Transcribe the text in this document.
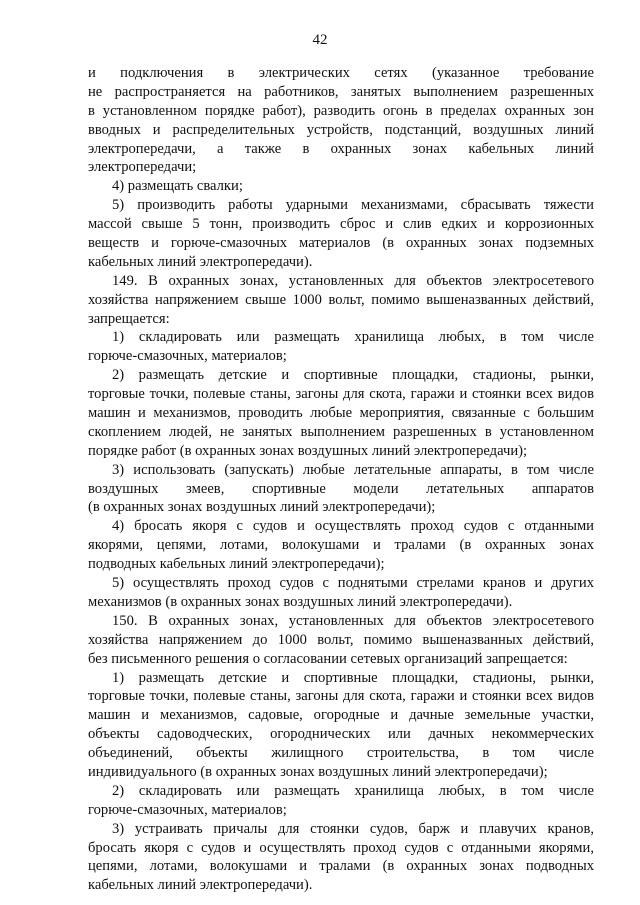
42
и подключения в электрических сетях (указанное требование
не распространяется на работников, занятых выполнением разрешенных
в установленном порядке работ), разводить огонь в пределах охранных зон
вводных и распределительных устройств, подстанций, воздушных линий
электропередачи, а также в охранных зонах кабельных линий
электропередачи;
4) размещать свалки;
5) производить работы ударными механизмами, сбрасывать тяжести
массой свыше 5 тонн, производить сброс и слив едких и коррозионных
веществ и горюче-смазочных материалов (в охранных зонах подземных
кабельных линий электропередачи).
149. В охранных зонах, установленных для объектов электросетевого
хозяйства напряжением свыше 1000 вольт, помимо вышеназванных действий,
запрещается:
1) складировать или размещать хранилища любых, в том числе
горюче-смазочных, материалов;
2) размещать детские и спортивные площадки, стадионы, рынки,
торговые точки, полевые станы, загоны для скота, гаражи и стоянки всех видов
машин и механизмов, проводить любые мероприятия, связанные с большим
скоплением людей, не занятых выполнением разрешенных в установленном
порядке работ (в охранных зонах воздушных линий электропередачи);
3) использовать (запускать) любые летательные аппараты, в том числе
воздушных змеев, спортивные модели летательных аппаратов
(в охранных зонах воздушных линий электропередачи);
4) бросать якоря с судов и осуществлять проход судов с отданными
якорями, цепями, лотами, волокушами и тралами (в охранных зонах
подводных кабельных линий электропередачи);
5) осуществлять проход судов с поднятыми стрелами кранов и других
механизмов (в охранных зонах воздушных линий электропередачи).
150. В охранных зонах, установленных для объектов электросетевого
хозяйства напряжением до 1000 вольт, помимо вышеназванных действий,
без письменного решения о согласовании сетевых организаций запрещается:
1) размещать детские и спортивные площадки, стадионы, рынки,
торговые точки, полевые станы, загоны для скота, гаражи и стоянки всех видов
машин и механизмов, садовые, огородные и дачные земельные участки,
объекты садоводческих, огороднических или дачных некоммерческих
объединений, объекты жилищного строительства, в том числе
индивидуального (в охранных зонах воздушных линий электропередачи);
2) складировать или размещать хранилища любых, в том числе
горюче-смазочных, материалов;
3) устраивать причалы для стоянки судов, барж и плавучих кранов,
бросать якоря с судов и осуществлять проход судов с отданными якорями,
цепями, лотами, волокушами и тралами (в охранных зонах подводных
кабельных линий электропередачи).
